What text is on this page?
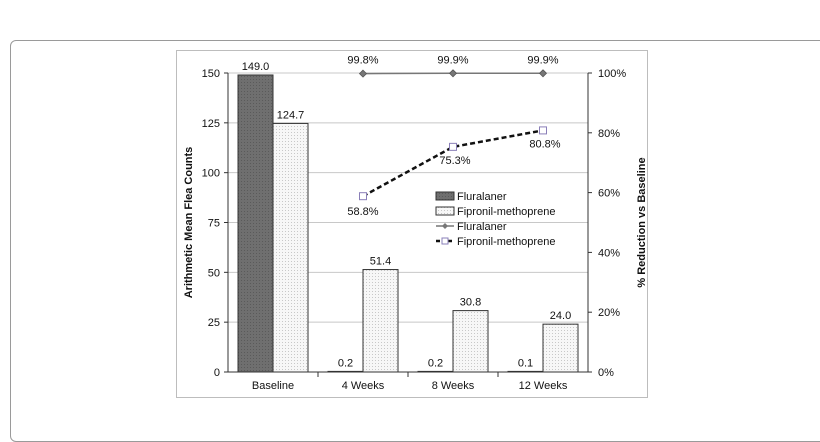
0
25
50
75
100
125
150
0%
20%
40%
60%
80%
100%
Baseline	4 Weeks	8 Weeks	12 Weeks
149.0
0.2	0.2	0.1
124.7
51.4
30.8
24.0
99.8%	99.9%	99.9%
58.8%
75.3%
80.8%
Fluralaner
Fipronil-methoprene
Fluralaner
Fipronil-methoprene
Arithmetic Mean Flea Counts	% Reduction vs Baseline
